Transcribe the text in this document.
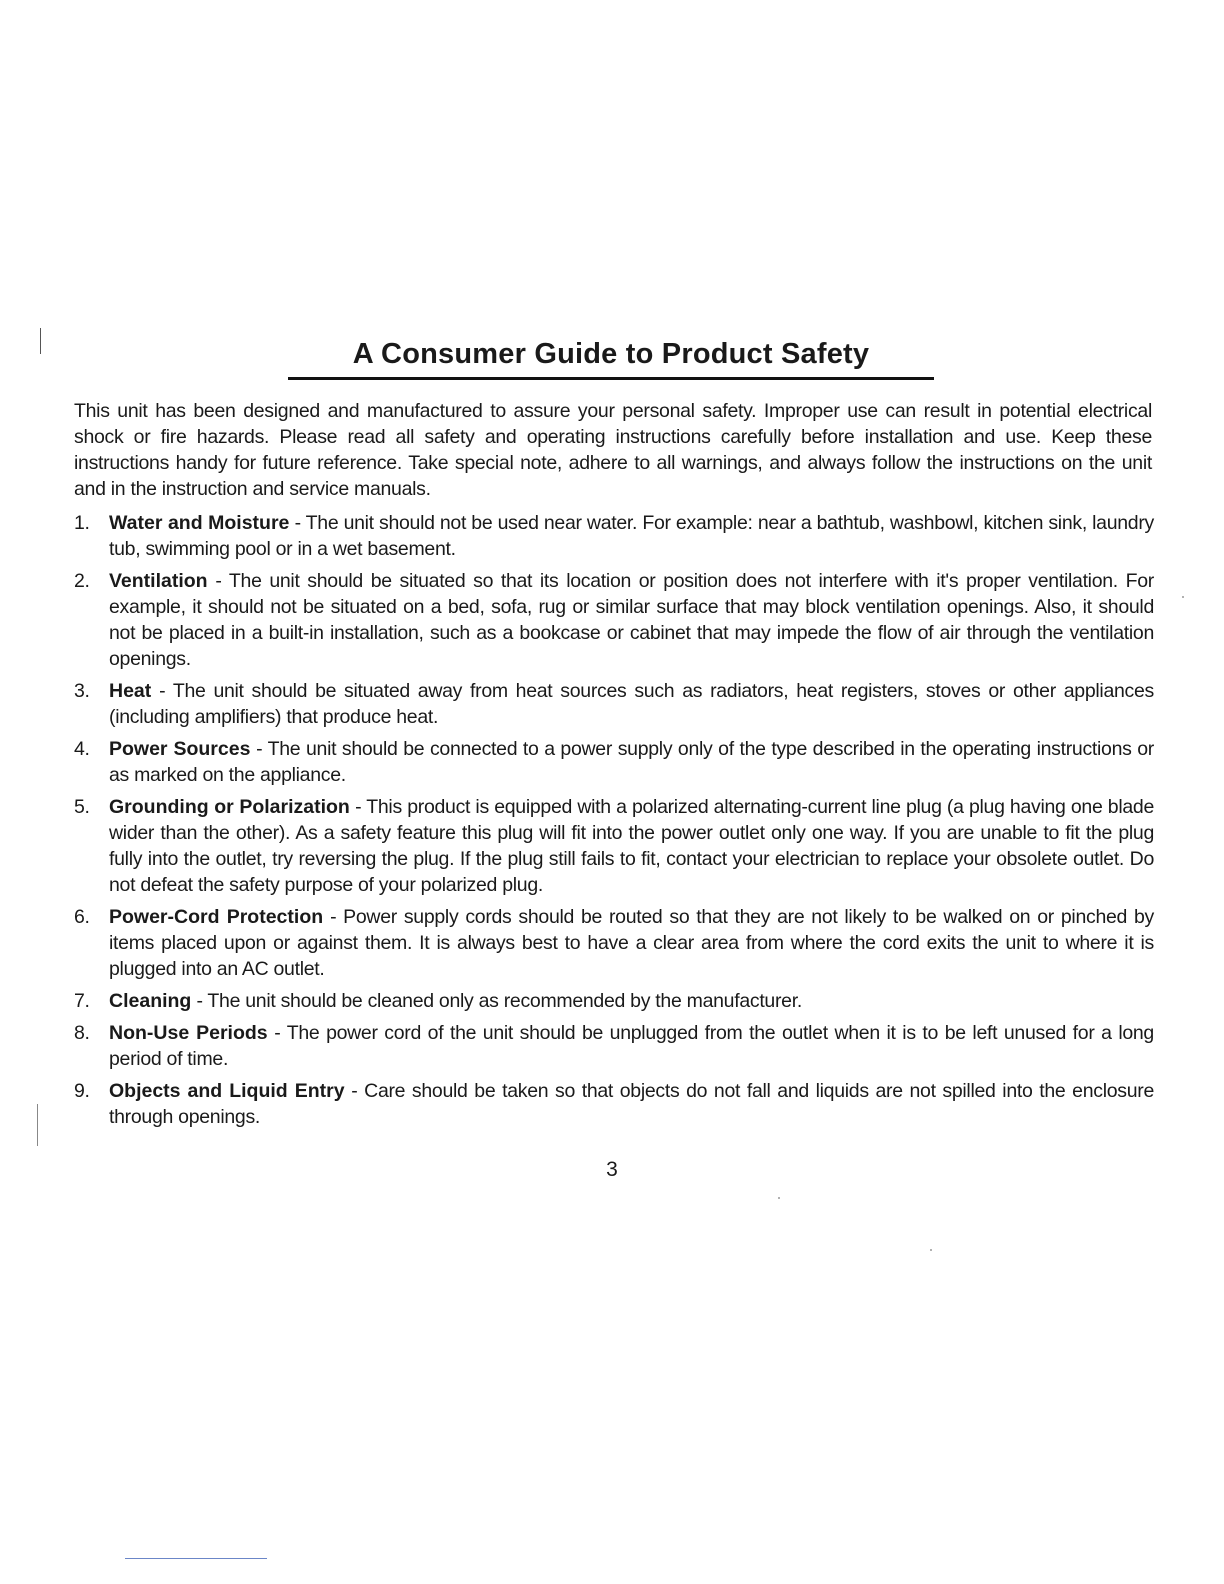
A Consumer Guide to Product Safety

This unit has been designed and manufactured to assure your personal safety. Improper use can result in potential electrical shock or fire hazards. Please read all safety and operating instructions carefully before installation and use. Keep these instructions handy for future reference. Take special note, adhere to all warnings, and always follow the instructions on the unit and in the instruction and service manuals.

1. Water and Moisture - The unit should not be used near water. For example: near a bathtub, washbowl, kitchen sink, laundry tub, swimming pool or in a wet basement.
2. Ventilation - The unit should be situated so that its location or position does not interfere with it's proper ventilation. For example, it should not be situated on a bed, sofa, rug or similar surface that may block ventilation openings. Also, it should not be placed in a built-in installation, such as a bookcase or cabinet that may impede the flow of air through the ventilation openings.
3. Heat - The unit should be situated away from heat sources such as radiators, heat registers, stoves or other appliances (including amplifiers) that produce heat.
4. Power Sources - The unit should be connected to a power supply only of the type described in the operating instructions or as marked on the appliance.
5. Grounding or Polarization - This product is equipped with a polarized alternating-current line plug (a plug having one blade wider than the other). As a safety feature this plug will fit into the power outlet only one way. If you are unable to fit the plug fully into the outlet, try reversing the plug. If the plug still fails to fit, contact your electrician to replace your obsolete outlet. Do not defeat the safety purpose of your polarized plug.
6. Power-Cord Protection - Power supply cords should be routed so that they are not likely to be walked on or pinched by items placed upon or against them. It is always best to have a clear area from where the cord exits the unit to where it is plugged into an AC outlet.
7. Cleaning - The unit should be cleaned only as recommended by the manufacturer.
8. Non-Use Periods - The power cord of the unit should be unplugged from the outlet when it is to be left unused for a long period of time.
9. Objects and Liquid Entry - Care should be taken so that objects do not fall and liquids are not spilled into the enclosure through openings.
3
